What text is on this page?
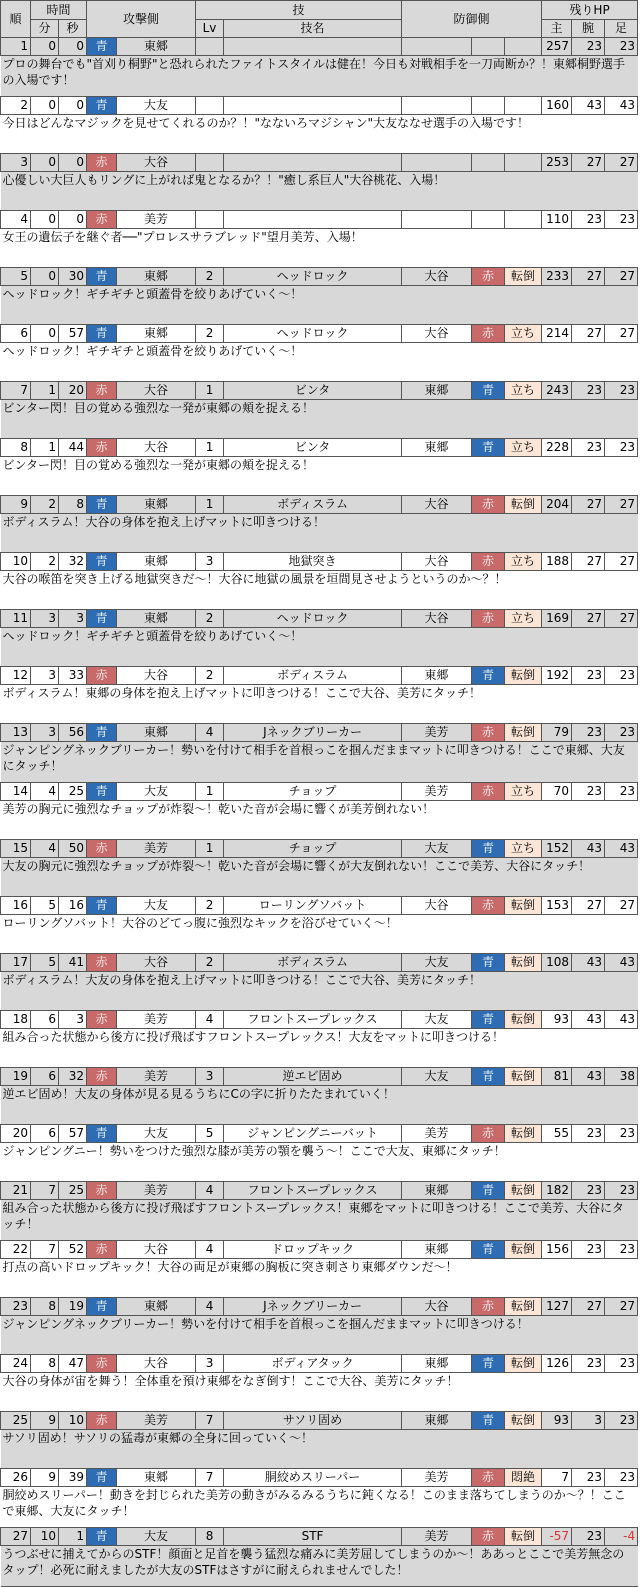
順	時間		攻撃側		技		防御側			残りHP		
	分	秒			Lv	技名				主	腕	足
1	0	0	青	東郷						257	23	23
プロの舞台でも"首刈り桐野"と恐れられたファイトスタイルは健在！今日も対戦相手を一刀両断か？！東郷桐野選手の入場です！												
2	0	0	青	大友						160	43	43
今日はどんなマジックを見せてくれるのか？！"なないろマジシャン"大友ななせ選手の入場です！												
3	0	0	赤	大谷						253	27	27
心優しい大巨人もリングに上がれば鬼となるか？！"癒し系巨人"大谷桃花、入場！												
4	0	0	赤	美芳						110	23	23
女王の遺伝子を継ぐ者──"プロレスサラブレッド"望月美芳、入場！												
5	0	30	青	東郷	2	ヘッドロック	大谷	赤	転倒	233	27	27
ヘッドロック！ギチギチと頭蓋骨を絞りあげていく～！												
6	0	57	青	東郷	2	ヘッドロック	大谷	赤	立ち	214	27	27
ヘッドロック！ギチギチと頭蓋骨を絞りあげていく～！												
7	1	20	赤	大谷	1	ビンタ	東郷	青	立ち	243	23	23
ビンター閃！目の覚める強烈な一発が東郷の頬を捉える！												
8	1	44	赤	大谷	1	ビンタ	東郷	青	立ち	228	23	23
ビンター閃！目の覚める強烈な一発が東郷の頬を捉える！												
9	2	8	青	東郷	1	ボディスラム	大谷	赤	転倒	204	27	27
ボディスラム！大谷の身体を抱え上げマットに叩きつける！												
10	2	32	青	東郷	3	地獄突き	大谷	赤	立ち	188	27	27
大谷の喉笛を突き上げる地獄突きだ～！大谷に地獄の風景を垣間見させようというのか～？！												
11	3	3	青	東郷	2	ヘッドロック	大谷	赤	立ち	169	27	27
ヘッドロック！ギチギチと頭蓋骨を絞りあげていく～！												
12	3	33	赤	大谷	2	ボディスラム	東郷	青	転倒	192	23	23
ボディスラム！東郷の身体を抱え上げマットに叩きつける！ここで大谷、美芳にタッチ！												
13	3	56	青	東郷	4	Jネックブリーカー	美芳	赤	転倒	79	23	23
ジャンピングネックブリーカー！勢いを付けて相手を首根っこを掴んだままマットに叩きつける！ここで東郷、大友にタッチ！												
14	4	25	青	大友	1	チョップ	美芳	赤	立ち	70	23	23
美芳の胸元に強烈なチョップが炸裂～！乾いた音が会場に響くが美芳倒れない！												
15	4	50	赤	美芳	1	チョップ	大友	青	立ち	152	43	43
大友の胸元に強烈なチョップが炸裂～！乾いた音が会場に響くが大友倒れない！ここで美芳、大谷にタッチ！												
16	5	16	青	大友	2	ローリングソバット	大谷	赤	転倒	153	27	27
ローリングソバット！大谷のどてっ腹に強烈なキックを浴びせていく～！												
17	5	41	赤	大谷	2	ボディスラム	大友	青	転倒	108	43	43
ボディスラム！大友の身体を抱え上げマットに叩きつける！ここで大谷、美芳にタッチ！												
18	6	3	赤	美芳	4	フロントスープレックス	大友	青	転倒	93	43	43
組み合った状態から後方に投げ飛ばすフロントスープレックス！大友をマットに叩きつける！												
19	6	32	赤	美芳	3	逆エビ固め	大友	青	転倒	81	43	38
逆エビ固め！大友の身体が見る見るうちにCの字に折りたたまれていく！												
20	6	57	青	大友	5	ジャンピングニーバット	美芳	赤	転倒	55	23	23
ジャンピングニー！勢いをつけた強烈な膝が美芳の顎を襲う～！ここで大友、東郷にタッチ！												
21	7	25	赤	美芳	4	フロントスープレックス	東郷	青	転倒	182	23	23
組み合った状態から後方に投げ飛ばすフロントスープレックス！東郷をマットに叩きつける！ここで美芳、大谷にタッチ！												
22	7	52	赤	大谷	4	ドロップキック	東郷	青	転倒	156	23	23
打点の高いドロップキック！大谷の両足が東郷の胸板に突き刺さり東郷ダウンだ～！												
23	8	19	青	東郷	4	Jネックブリーカー	大谷	赤	転倒	127	27	27
ジャンピングネックブリーカー！勢いを付けて相手を首根っこを掴んだままマットに叩きつける！												
24	8	47	赤	大谷	3	ボディアタック	東郷	青	転倒	126	23	23
大谷の身体が宙を舞う！全体重を預け東郷をなぎ倒す！ここで大谷、美芳にタッチ！												
25	9	10	赤	美芳	7	サソリ固め	東郷	青	転倒	93	3	23
サソリ固め！サソリの猛毒が東郷の全身に回っていく～！												
26	9	39	青	東郷	7	胴絞めスリーパー	美芳	赤	悶絶	7	23	23
胴絞めスリーパー！動きを封じられた美芳の動きがみるみるうちに鈍くなる！このまま落ちてしまうのか～？！ここで東郷、大友にタッチ！												
27	10	1	青	大友	8	STF	美芳	赤	転倒	-57	23	-4
うつぶせに捕えてからのSTF！顔面と足首を襲う猛烈な痛みに美芳屈してしまうのか～！ああっとここで美芳無念のタップ！必死に耐えましたが大友のSTFはさすがに耐えられませんでした！												
